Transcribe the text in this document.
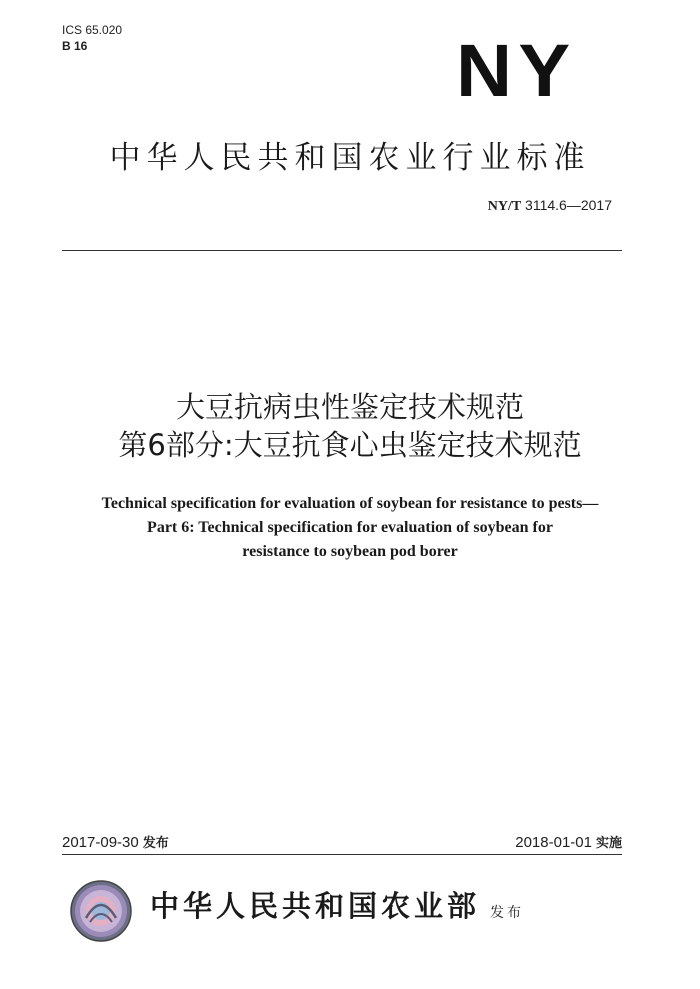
ICS 65.020
B 16	NY
中华人民共和国农业行业标准
NY/T 3114.6—2017
大豆抗病虫性鉴定技术规范
第6部分:大豆抗食心虫鉴定技术规范
Technical specification for evaluation of soybean for resistance to pests—
Part 6: Technical specification for evaluation of soybean for
resistance to soybean pod borer
2017-09-30 发布	2018-01-01 实施
中华人民共和国农业部 发布
